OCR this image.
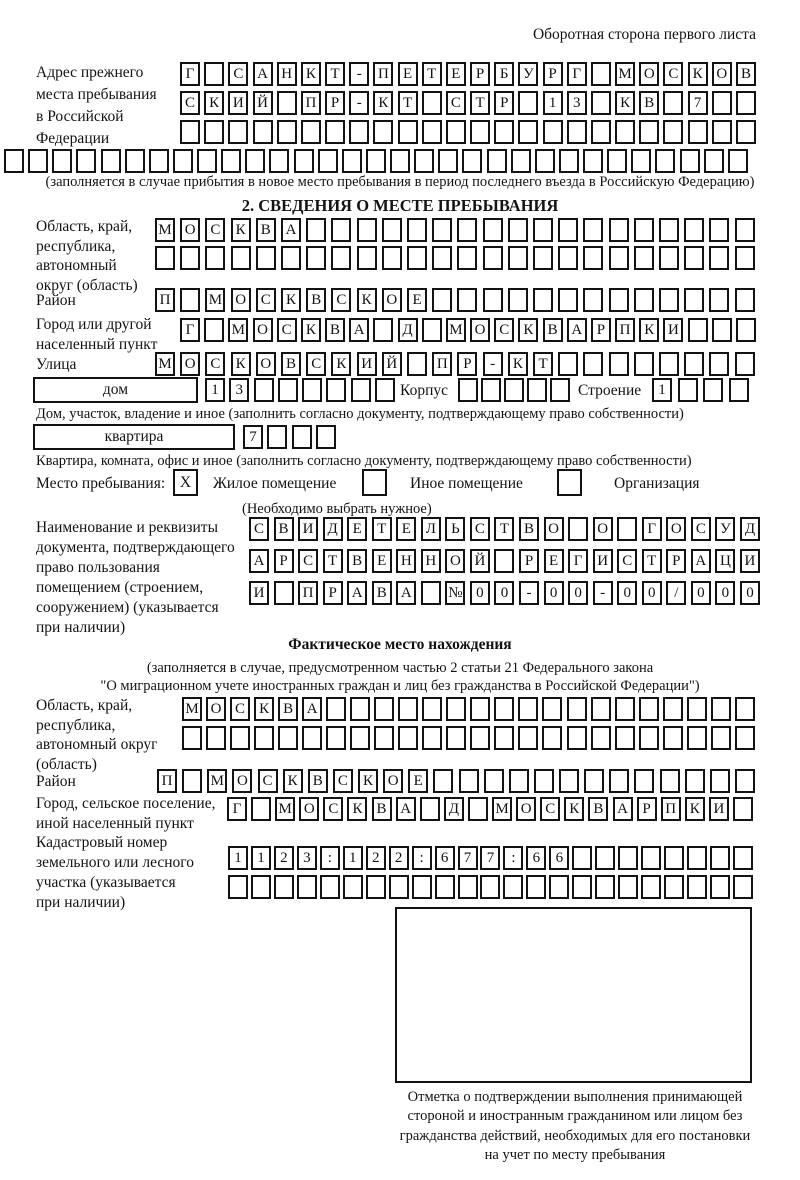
Оборотная сторона первого листа
Адрес прежнего
места пребывания
в Российской
Федерации
Г	С А Н К Т	-	П Е	Т	Е	Р	Б У Р	Г	М О С К О В
С К И Й	П Р	-	К Т	С Т	Р	1	3	К В	7
(заполняется в случае прибытия в новое место пребывания в период последнего въезда в Российскую Федерацию)
2. СВЕДЕНИЯ О МЕСТЕ ПРЕБЫВАНИЯ
Область, край,
республика,
автономный
округ (область)
М О С	К	В А
Район	П	М О С	К	В	С	К О	Е
Город или другой
населенный пункт
Г	М О С К В А	Д	М О С К В А Р П К И
Улица	М О С	К О В	С	К И Й	П	Р	-	К	Т
дом	1	3	Корпус	Строение	1
Дом, участок, владение и иное (заполнить согласно документу, подтверждающему право собственности)
квартира	7
Квартира, комната, офис и иное (заполнить согласно документу, подтверждающему право собственности)
Место пребывания: X	Жилое помещение	Иное помещение	Организация
(Необходимо выбрать нужное)
Наименование и реквизиты
документа, подтверждающего
право пользования
помещением (строением,
сооружением) (указывается
при наличии)
С В И Д Е	Т	Е Л	Ь	С Т В О	О	Г О С У Д
А Р	С Т В Е Н Н О Й	Р	Е	Г И С Т	Р А Ц И
И	П Р А В А	№ 0	0	-	0	0	-	0	0	/	0	0	0
Фактическое место нахождения
(заполняется в случае, предусмотренном частью 2 статьи 21 Федерального закона
"О миграционном учете иностранных граждан и лиц без гражданства в Российской Федерации")
Область, край,
республика,
автономный округ
(область)
М О С К В А
Район	П	М О С	К	В	С	К О	Е
Город, сельское поселение,
иной населенный пункт
Г	М О С К В А	Д	М О С К В А Р П К И
Кадастровый номер
земельного или лесного
участка (указывается
при наличии)
1	1	2	3	:	1	2	2	:	6	7	7	:	6	6
Отметка о подтверждении выполнения принимающей
стороной и иностранным гражданином или лицом без
гражданства действий, необходимых для его постановки
на учет по месту пребывания
